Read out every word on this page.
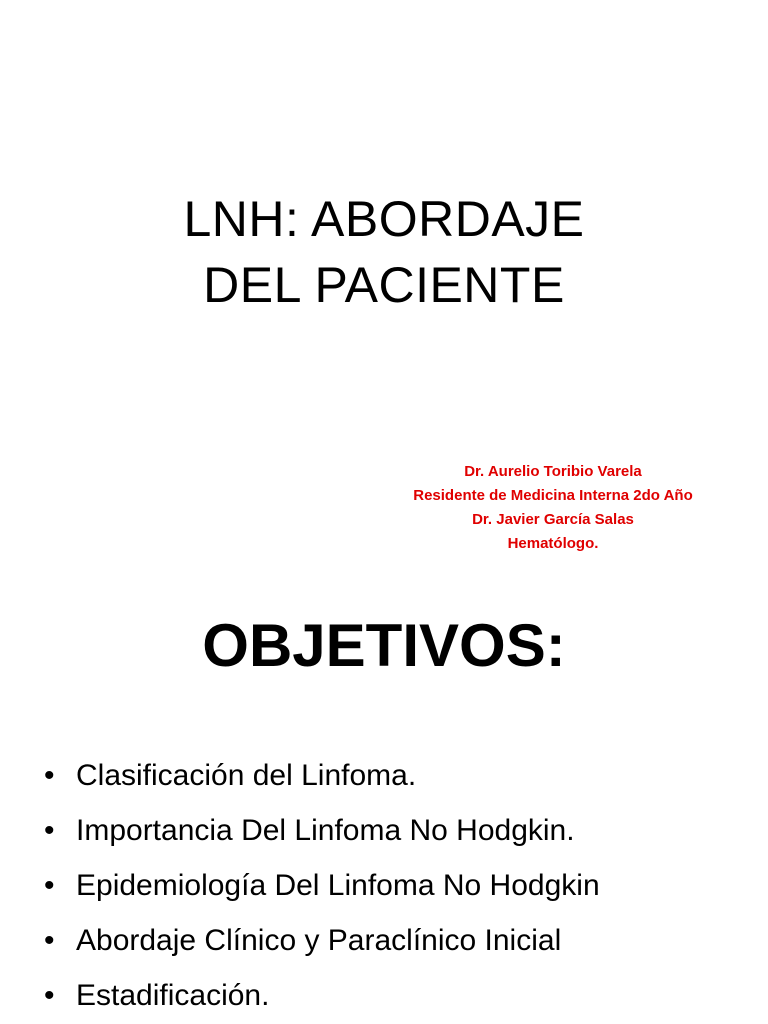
LNH: ABORDAJE
DEL PACIENTE
Dr. Aurelio Toribio Varela
Residente de Medicina Interna 2do Año
Dr. Javier García Salas
Hematólogo.
OBJETIVOS:
• Clasificación del Linfoma.
• Importancia Del Linfoma No Hodgkin.
• Epidemiología Del Linfoma No Hodgkin
• Abordaje Clínico y Paraclínico Inicial
• Estadificación.
